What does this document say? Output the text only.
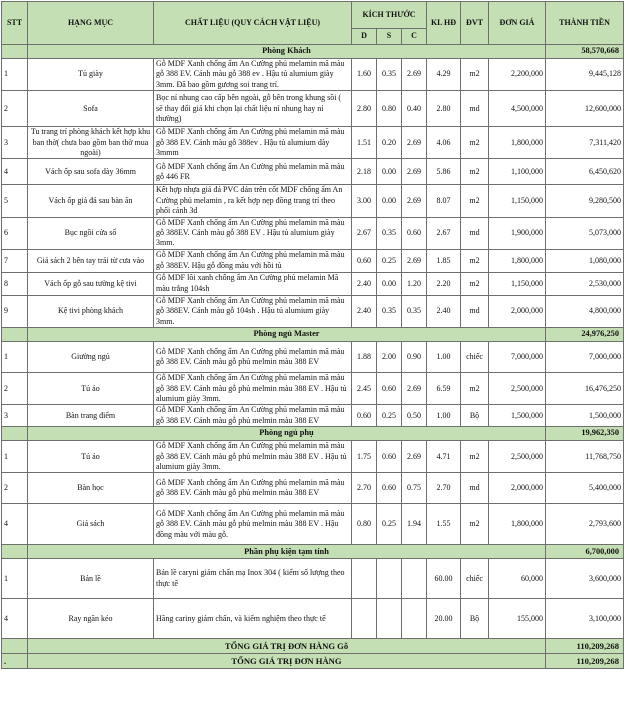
STT	HẠNG MỤC	CHẤT LIỆU (QUY CÁCH VẬT LIỆU)	KÍCH THƯỚC			KL HĐ	ĐVT	ĐƠN GIÁ	THÀNH TIỀN
			D	S	C				
	Phòng Khách								58,570,668
1	Tủ giày	Gỗ MDF Xanh chống ẩm An Cường phủ melamin mã màu gỗ 388 EV. Cánh màu gỗ 388 ev . Hậu tủ alumium giày 3mm. Đã bao gồm gương soi trang trí.	1.60	0.35	2.69	4.29	m2	2,200,000	9,445,128
2	Sofa	Bọc nỉ nhung cao cấp bên ngoài, gỗ bên trong khung sồi ( sẽ thay đổi giá khi chọn lại chất liệu nỉ nhung hay nỉ thường)	2.80	0.80	0.40	2.80	md	4,500,000	12,600,000
3	Tu trang trí phòng khách kết hợp khu ban thờ( chưa bao gồm ban thờ mua ngoài)	Gỗ MDF Xanh chống ẩm An Cường phủ melamin mã màu gỗ 388 EV. Cánh màu gỗ 388ev . Hậu tủ alumium dày 3mmm	1.51	0.20	2.69	4.06	m2	1,800,000	7,311,420
4	Vách ốp sau sofa dày 36mm	Gỗ MDF Xanh chống ẩm An Cường phủ melamin mã màu gỗ 446 FR	2.18	0.00	2.69	5.86	m2	1,100,000	6,450,620
5	Vách ốp giả đá sau bàn ăn	Kết hợp nhựa giả đá PVC dán trên cốt MDF chống ẩm An Cường phủ melamin , ra kết hợp nẹp đồng trang trí theo phối cảnh 3d	3.00	0.00	2.69	8.07	m2	1,150,000	9,280,500
6	Bục ngồi cửa sổ	Gỗ MDF Xanh chống ẩm An Cường phủ melamin mã màu gỗ 388EV. Cánh màu gỗ 388 EV . Hậu tủ alumium giày 3mm.	2.67	0.35	0.60	2.67	md	1,900,000	5,073,000
7	Giá sách 2 bên tay trái từ cưa vào	Gỗ MDF Xanh chống ẩm An Cường phủ melamin mã màu gỗ 388EV. Hậu gỗ đồng màu với hồi tủ	0.60	0.25	2.69	1.85	m2	1,800,000	1,080,000
8	Vách ốp gỗ sau tường kệ tivi	Gỗ MDF lõi xanh chống ẩm An Cường phủ melamin Mã màu trắng 104sh	2.40	0.00	1.20	2.20	m2	1,150,000	2,530,000
9	Kệ tivi phòng khách	Gỗ MDF Xanh chống ẩm An Cường phủ melamin mã màu gỗ 388EV. Cánh màu gỗ 104sh . Hậu tủ alumium giày 3mm.	2.40	0.35	0.35	2.40	md	2,000,000	4,800,000
	Phòng ngủ Master								24,976,250
1	Giường ngủ	Gỗ MDF Xanh chống ẩm An Cường phủ melamin mã màu gỗ 388 EV. Cánh màu gỗ phủ melmin màu 388 EV	1.88	2.00	0.90	1.00	chiếc	7,000,000	7,000,000
2	Tủ áo	Gỗ MDF Xanh chống ẩm An Cường phủ melamin mã màu gỗ 388 EV. Cánh màu gỗ phủ melmin màu 388 EV . Hậu tủ alumium giày 3mm.	2.45	0.60	2.69	6.59	m2	2,500,000	16,476,250
3	Bàn trang điểm	Gỗ MDF Xanh chống ẩm An Cường phủ melamin mã màu gỗ 388 EV. Cánh màu gỗ phủ melmin màu 388 EV	0.60	0.25	0.50	1.00	Bộ	1,500,000	1,500,000
	Phòng ngủ phụ								19,962,350
1	Tủ áo	Gỗ MDF Xanh chống ẩm An Cường phủ melamin mã màu gỗ 388 EV. Cánh màu gỗ phủ melmin màu 388 EV . Hậu tủ alumium giày 3mm.	1.75	0.60	2.69	4.71	m2	2,500,000	11,768,750
2	Bàn học	Gỗ MDF Xanh chống ẩm An Cường phủ melamin mã màu gỗ 388 EV. Cánh màu gỗ phủ melmin màu 388 EV	2.70	0.60	0.75	2.70	md	2,000,000	5,400,000
4	Giá sách	Gỗ MDF Xanh chống ẩm An Cường phủ melamin mã màu gỗ 388 EV. Cánh màu gỗ phủ melmin màu 388 EV . Hậu đồng màu với màu gỗ.	0.80	0.25	1.94	1.55	m2	1,800,000	2,793,600
	Phần phụ kiện tạm tính								6,700,000
1	Bản lề	Bản lề caryni giảm chấn mạ Inox 304 ( kiểm số lượng theo thực tế				60.00	chiếc	60,000	3,600,000
4	Ray ngăn kéo	Hãng cariny giảm chấn, và kiểm nghiệm theo thực tế				20.00	Bộ	155,000	3,100,000
	TỔNG GIÁ TRỊ ĐƠN HÀNG Gỗ								110,209,268
.	TỔNG GIÁ TRỊ ĐƠN HÀNG								110,209,268
